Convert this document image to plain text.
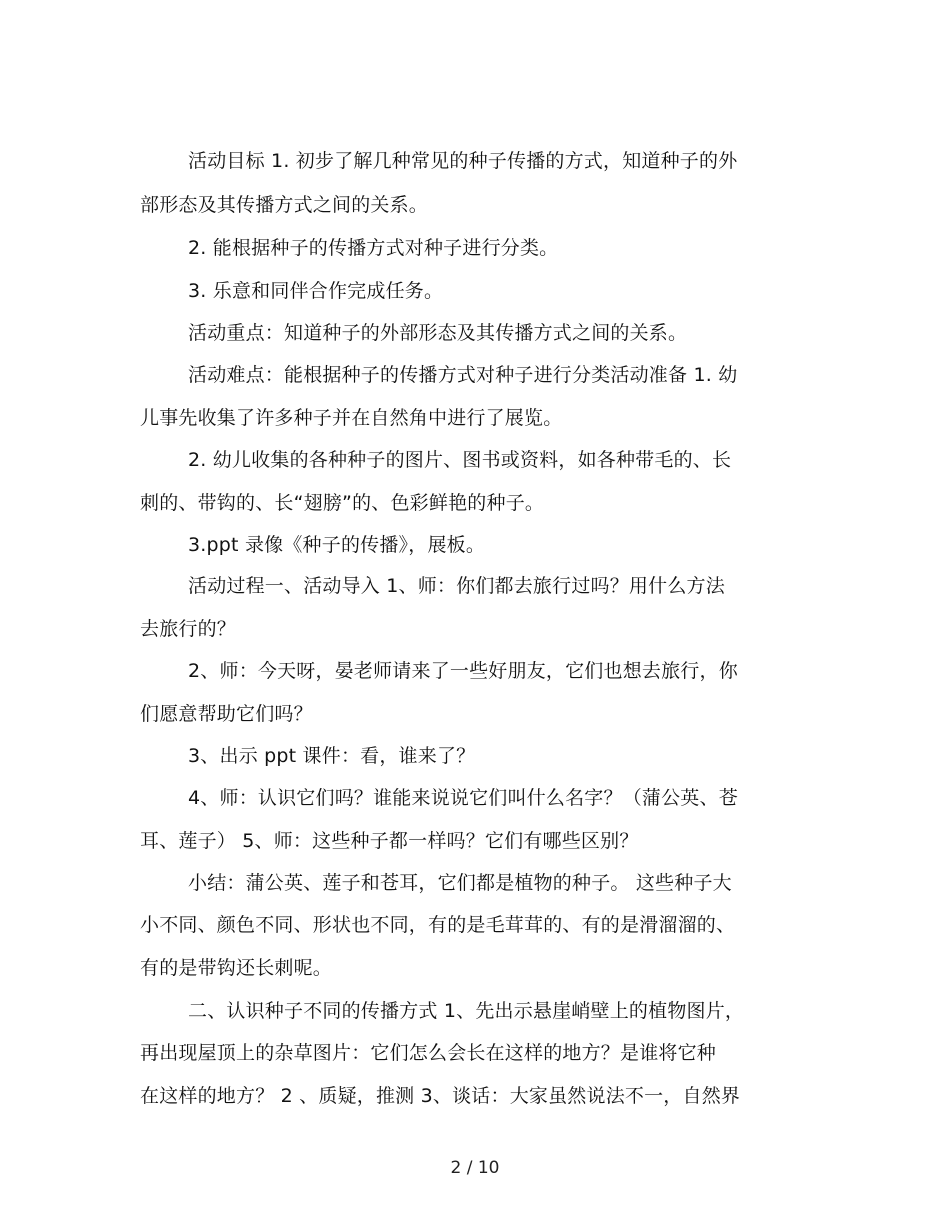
活动目标 1. 初步了解几种常见的种子传播的方式，知道种子的外
部形态及其传播方式之间的关系。
2. 能根据种子的传播方式对种子进行分类。
3. 乐意和同伴合作完成任务。
活动重点：知道种子的外部形态及其传播方式之间的关系。
活动难点：能根据种子的传播方式对种子进行分类活动准备 1. 幼
儿事先收集了许多种子并在自然角中进行了展览。
2. 幼儿收集的各种种子的图片、图书或资料，如各种带毛的、长
刺的、带钩的、长“翅膀”的、色彩鲜艳的种子。
3.ppt 录像《种子的传播》，展板。
活动过程一、活动导入 1、师：你们都去旅行过吗？用什么方法
去旅行的？
2、师：今天呀，晏老师请来了一些好朋友，它们也想去旅行，你
们愿意帮助它们吗？
3、出示 ppt 课件：看，谁来了？
4、师：认识它们吗？谁能来说说它们叫什么名字？（蒲公英、苍
耳、莲子） 5、师：这些种子都一样吗？它们有哪些区别？
小结：蒲公英、莲子和苍耳，它们都是植物的种子。 这些种子大
小不同、颜色不同、形状也不同，有的是毛茸茸的、有的是滑溜溜的、
有的是带钩还长刺呢。
二、认识种子不同的传播方式 1、先出示悬崖峭壁上的植物图片，
再出现屋顶上的杂草图片：它们怎么会长在这样的地方？是谁将它种
在这样的地方？ 2 、质疑，推测 3、谈话：大家虽然说法不一，自然界
2 / 10
